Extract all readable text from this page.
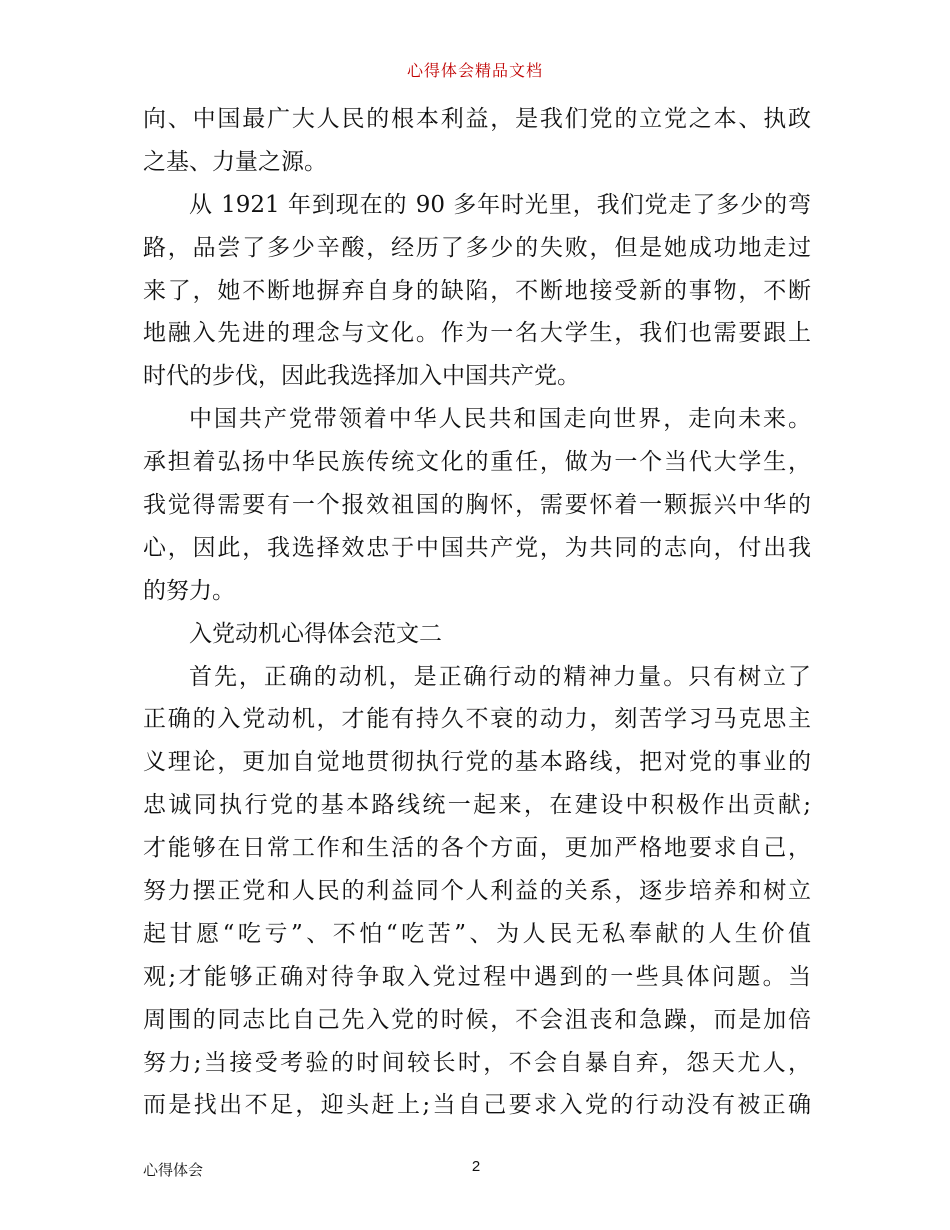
心得体会精品文档
向、中国最广大人民的根本利益，是我们党的立党之本、执政
之基、力量之源。
从 1921 年到现在的 90 多年时光里，我们党走了多少的弯
路，品尝了多少辛酸，经历了多少的失败，但是她成功地走过
来了，她不断地摒弃自身的缺陷，不断地接受新的事物，不断
地融入先进的理念与文化。作为一名大学生，我们也需要跟上
时代的步伐，因此我选择加入中国共产党。
中国共产党带领着中华人民共和国走向世界，走向未来。
承担着弘扬中华民族传统文化的重任，做为一个当代大学生，
我觉得需要有一个报效祖国的胸怀，需要怀着一颗振兴中华的
心，因此，我选择效忠于中国共产党，为共同的志向，付出我
的努力。
入党动机心得体会范文二
首先，正确的动机，是正确行动的精神力量。只有树立了
正确的入党动机，才能有持久不衰的动力，刻苦学习马克思主
义理论，更加自觉地贯彻执行党的基本路线，把对党的事业的
忠诚同执行党的基本路线统一起来，在建设中积极作出贡献;
才能够在日常工作和生活的各个方面，更加严格地要求自己，
努力摆正党和人民的利益同个人利益的关系，逐步培养和树立
起甘愿“吃亏”、不怕“吃苦”、为人民无私奉献的人生价值
观;才能够正确对待争取入党过程中遇到的一些具体问题。当
周围的同志比自己先入党的时候，不会沮丧和急躁，而是加倍
努力;当接受考验的时间较长时，不会自暴自弃，怨天尤人，
而是找出不足，迎头赶上;当自己要求入党的行动没有被正确
心得体会	2
